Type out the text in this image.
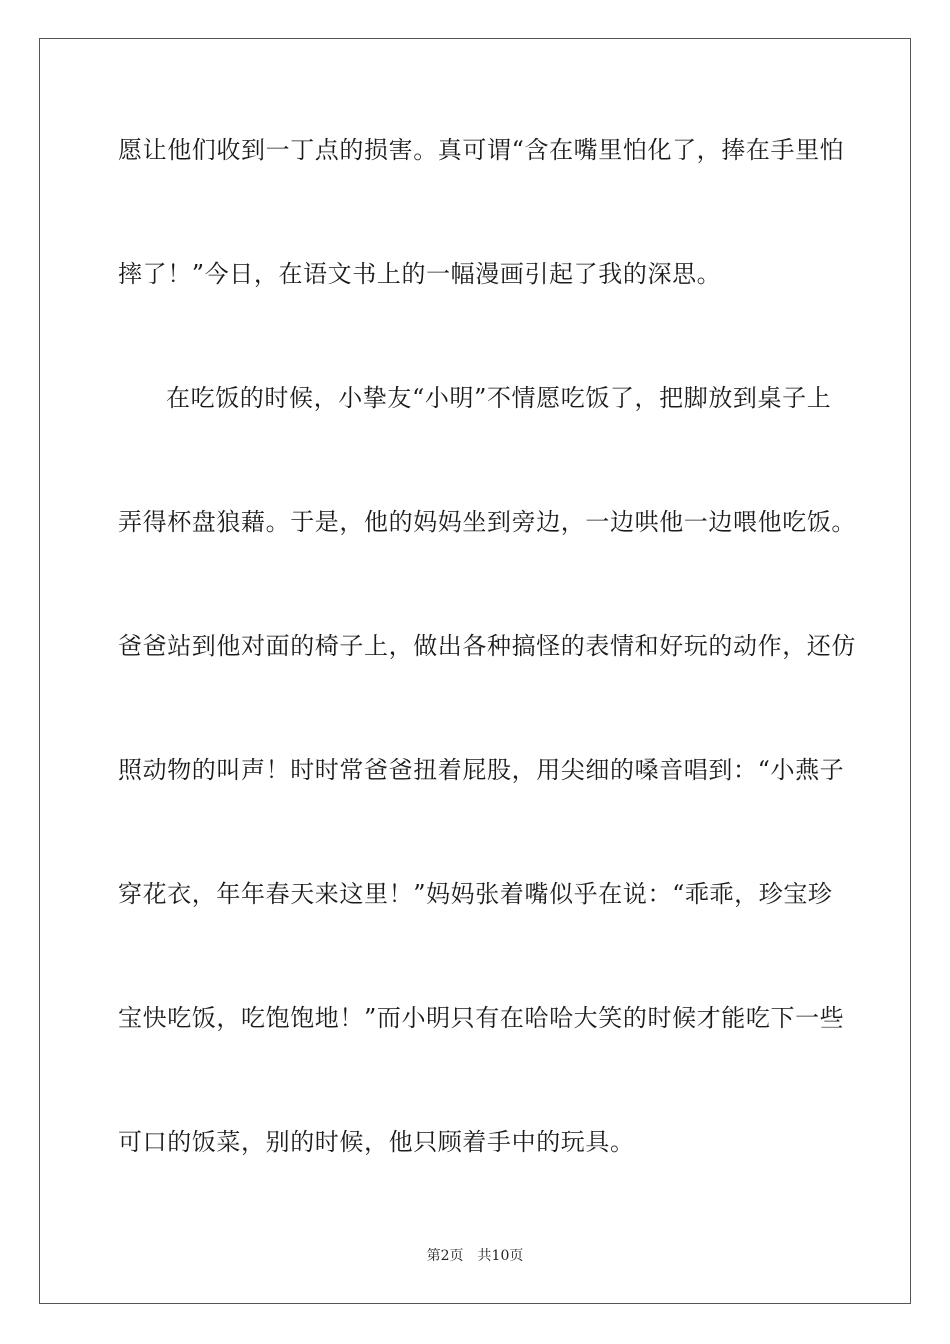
愿让他们收到一丁点的损害。真可谓“含在嘴里怕化了，捧在手里怕
摔了！”今日，在语文书上的一幅漫画引起了我的深思。
在吃饭的时候，小挚友“小明”不情愿吃饭了，把脚放到桌子上
弄得杯盘狼藉。于是，他的妈妈坐到旁边，一边哄他一边喂他吃饭。
爸爸站到他对面的椅子上，做出各种搞怪的表情和好玩的动作，还仿
照动物的叫声！时时常爸爸扭着屁股，用尖细的嗓音唱到：“小燕子
穿花衣，年年春天来这里！”妈妈张着嘴似乎在说：“乖乖，珍宝珍
宝快吃饭，吃饱饱地！”而小明只有在哈哈大笑的时候才能吃下一些
可口的饭菜，别的时候，他只顾着手中的玩具。
第2页 共10页
